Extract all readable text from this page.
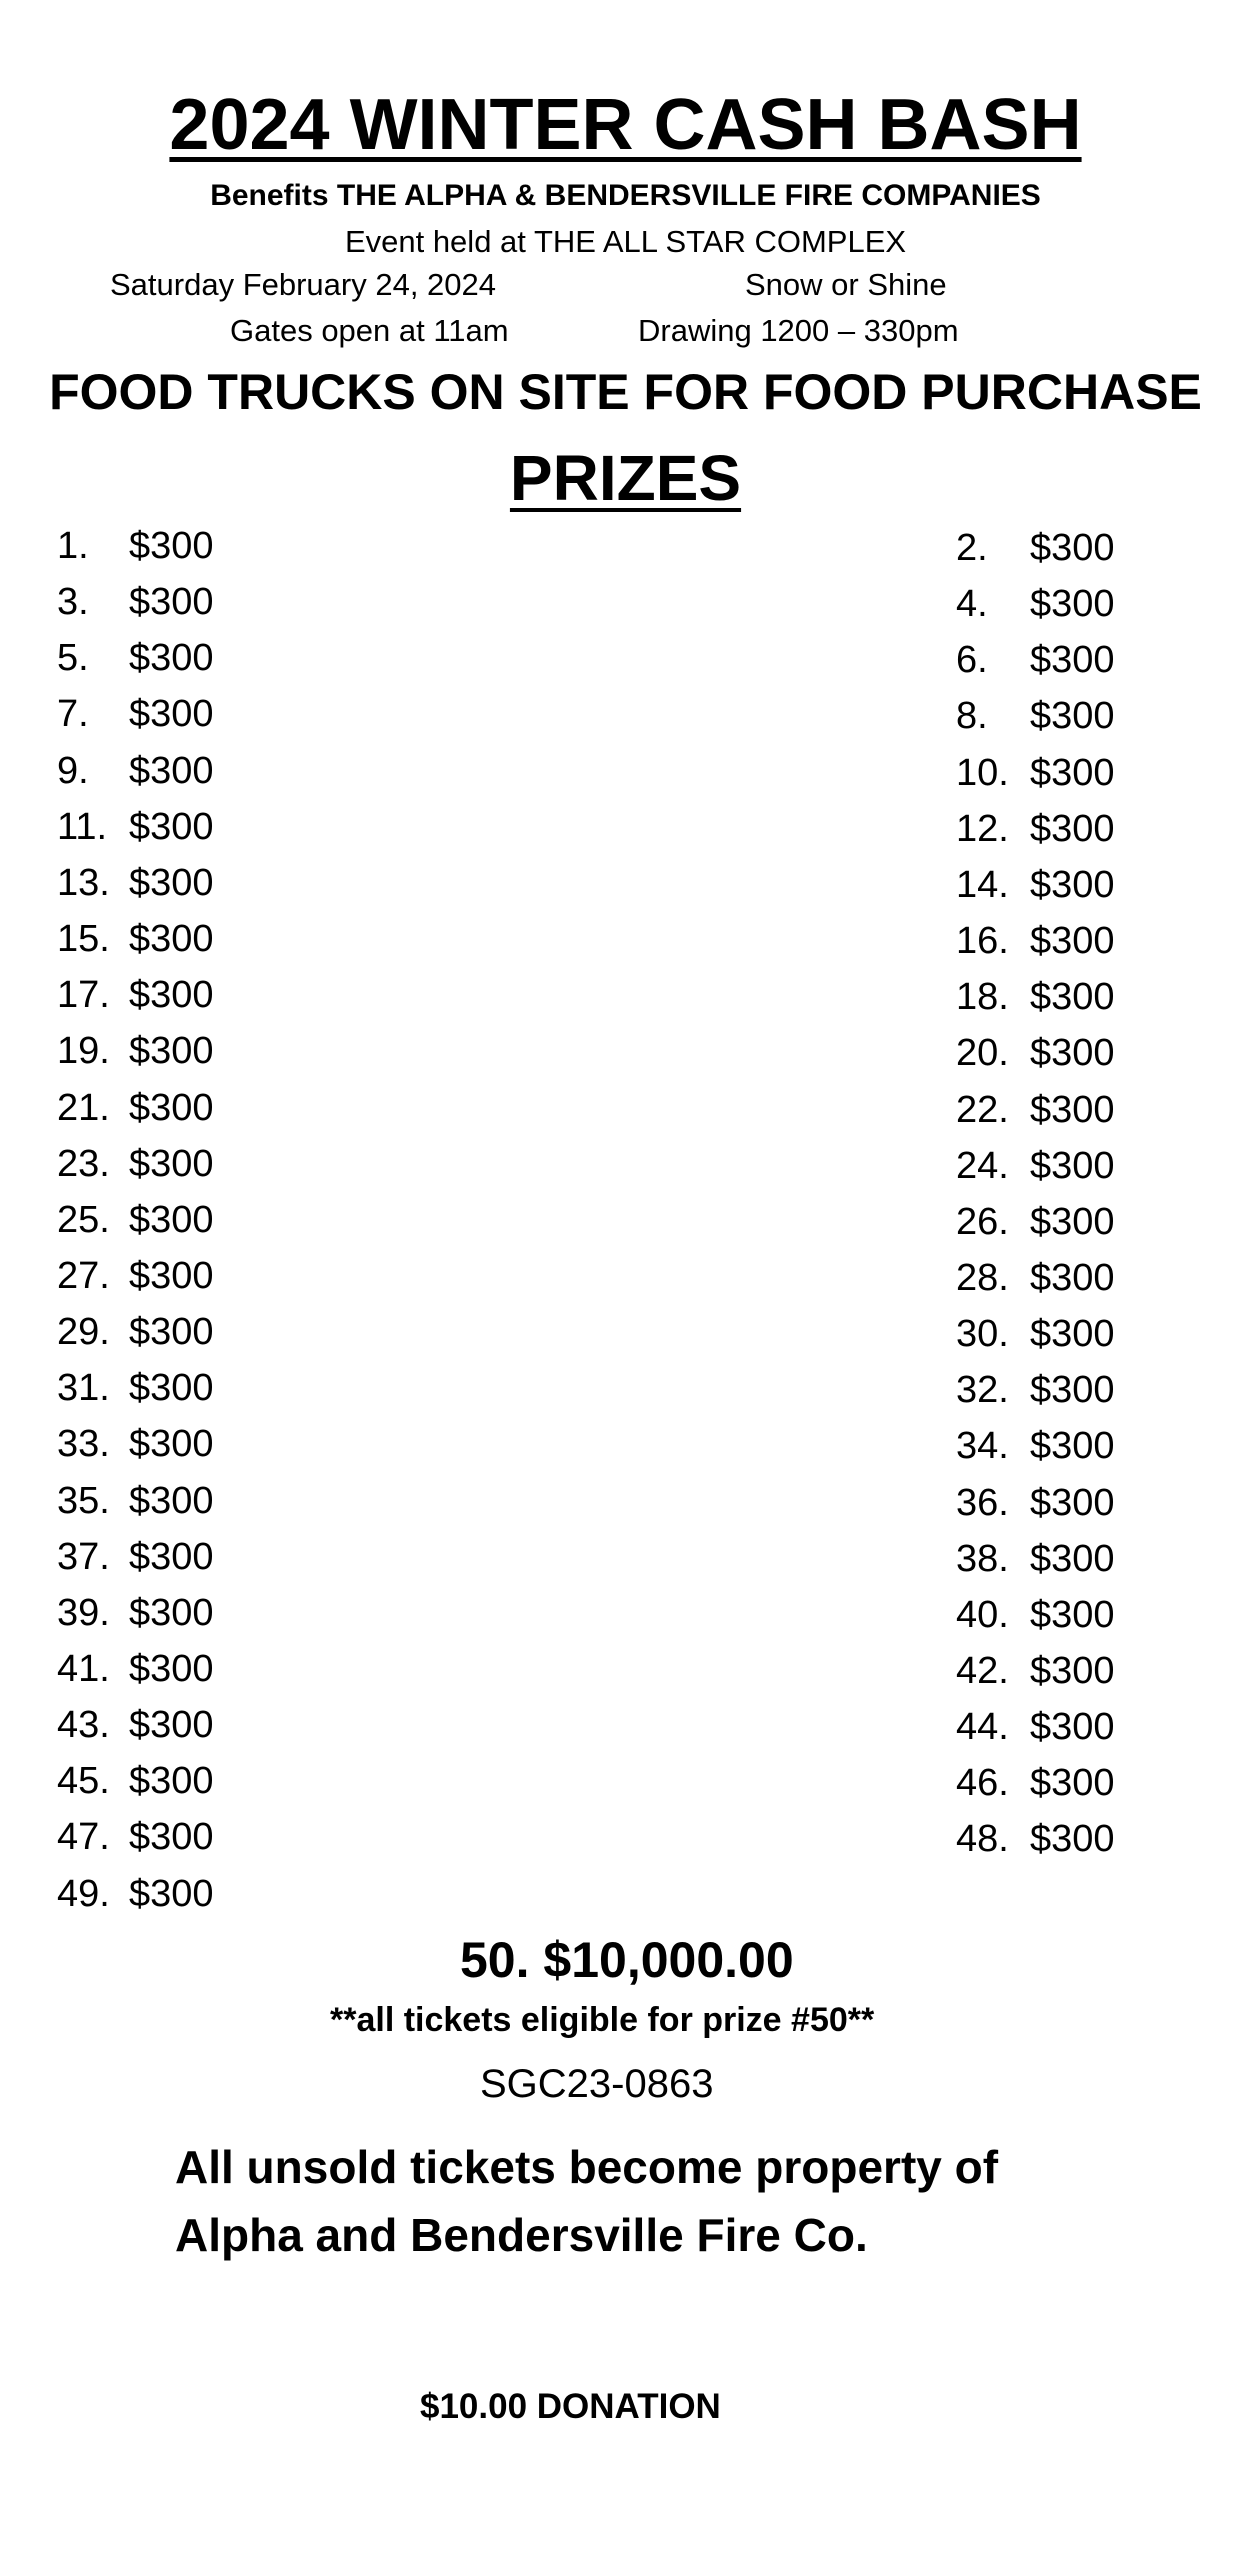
2024 WINTER CASH BASH
Benefits THE ALPHA & BENDERSVILLE FIRE COMPANIES
Event held at THE ALL STAR COMPLEX
Saturday February 24, 2024	Snow or Shine
Gates open at 11am	Drawing 1200 – 330pm
FOOD TRUCKS ON SITE FOR FOOD PURCHASE
PRIZES
1. $300
3. $300
5. $300
7. $300
9. $300
11. $300
13. $300
15. $300
17. $300
19. $300
21. $300
23. $300
25. $300
27. $300
29. $300
31. $300
33. $300
35. $300
37. $300
39. $300
41. $300
43. $300
45. $300
47. $300
49. $300
2. $300
4. $300
6. $300
8. $300
10. $300
12. $300
14. $300
16. $300
18. $300
20. $300
22. $300
24. $300
26. $300
28. $300
30. $300
32. $300
34. $300
36. $300
38. $300
40. $300
42. $300
44. $300
46. $300
48. $300
50. $10,000.00
**all tickets eligible for prize #50**
SGC23-0863
All unsold tickets become property of
Alpha and Bendersville Fire Co.
$10.00 DONATION
